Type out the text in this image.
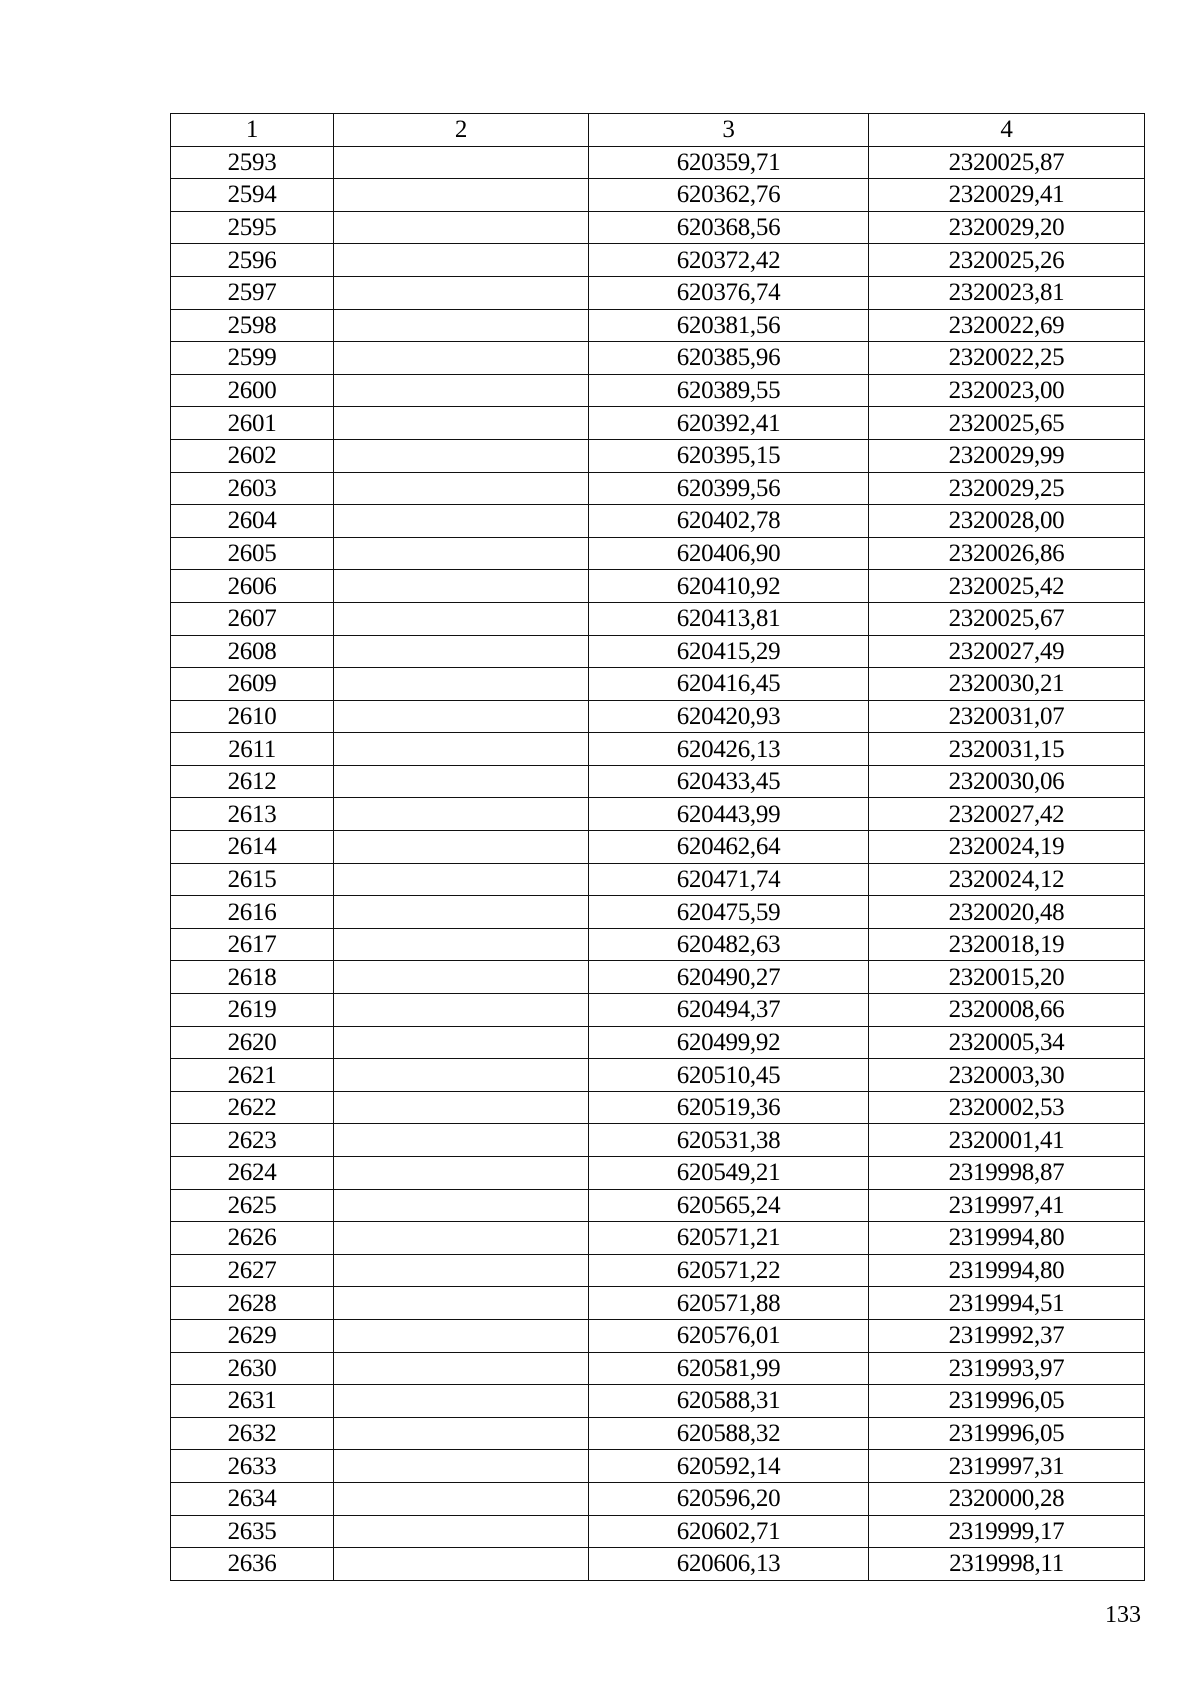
1	2	3	4
2593		620359,71	2320025,87
2594		620362,76	2320029,41
2595		620368,56	2320029,20
2596		620372,42	2320025,26
2597		620376,74	2320023,81
2598		620381,56	2320022,69
2599		620385,96	2320022,25
2600		620389,55	2320023,00
2601		620392,41	2320025,65
2602		620395,15	2320029,99
2603		620399,56	2320029,25
2604		620402,78	2320028,00
2605		620406,90	2320026,86
2606		620410,92	2320025,42
2607		620413,81	2320025,67
2608		620415,29	2320027,49
2609		620416,45	2320030,21
2610		620420,93	2320031,07
2611		620426,13	2320031,15
2612		620433,45	2320030,06
2613		620443,99	2320027,42
2614		620462,64	2320024,19
2615		620471,74	2320024,12
2616		620475,59	2320020,48
2617		620482,63	2320018,19
2618		620490,27	2320015,20
2619		620494,37	2320008,66
2620		620499,92	2320005,34
2621		620510,45	2320003,30
2622		620519,36	2320002,53
2623		620531,38	2320001,41
2624		620549,21	2319998,87
2625		620565,24	2319997,41
2626		620571,21	2319994,80
2627		620571,22	2319994,80
2628		620571,88	2319994,51
2629		620576,01	2319992,37
2630		620581,99	2319993,97
2631		620588,31	2319996,05
2632		620588,32	2319996,05
2633		620592,14	2319997,31
2634		620596,20	2320000,28
2635		620602,71	2319999,17
2636		620606,13	2319998,11
133
